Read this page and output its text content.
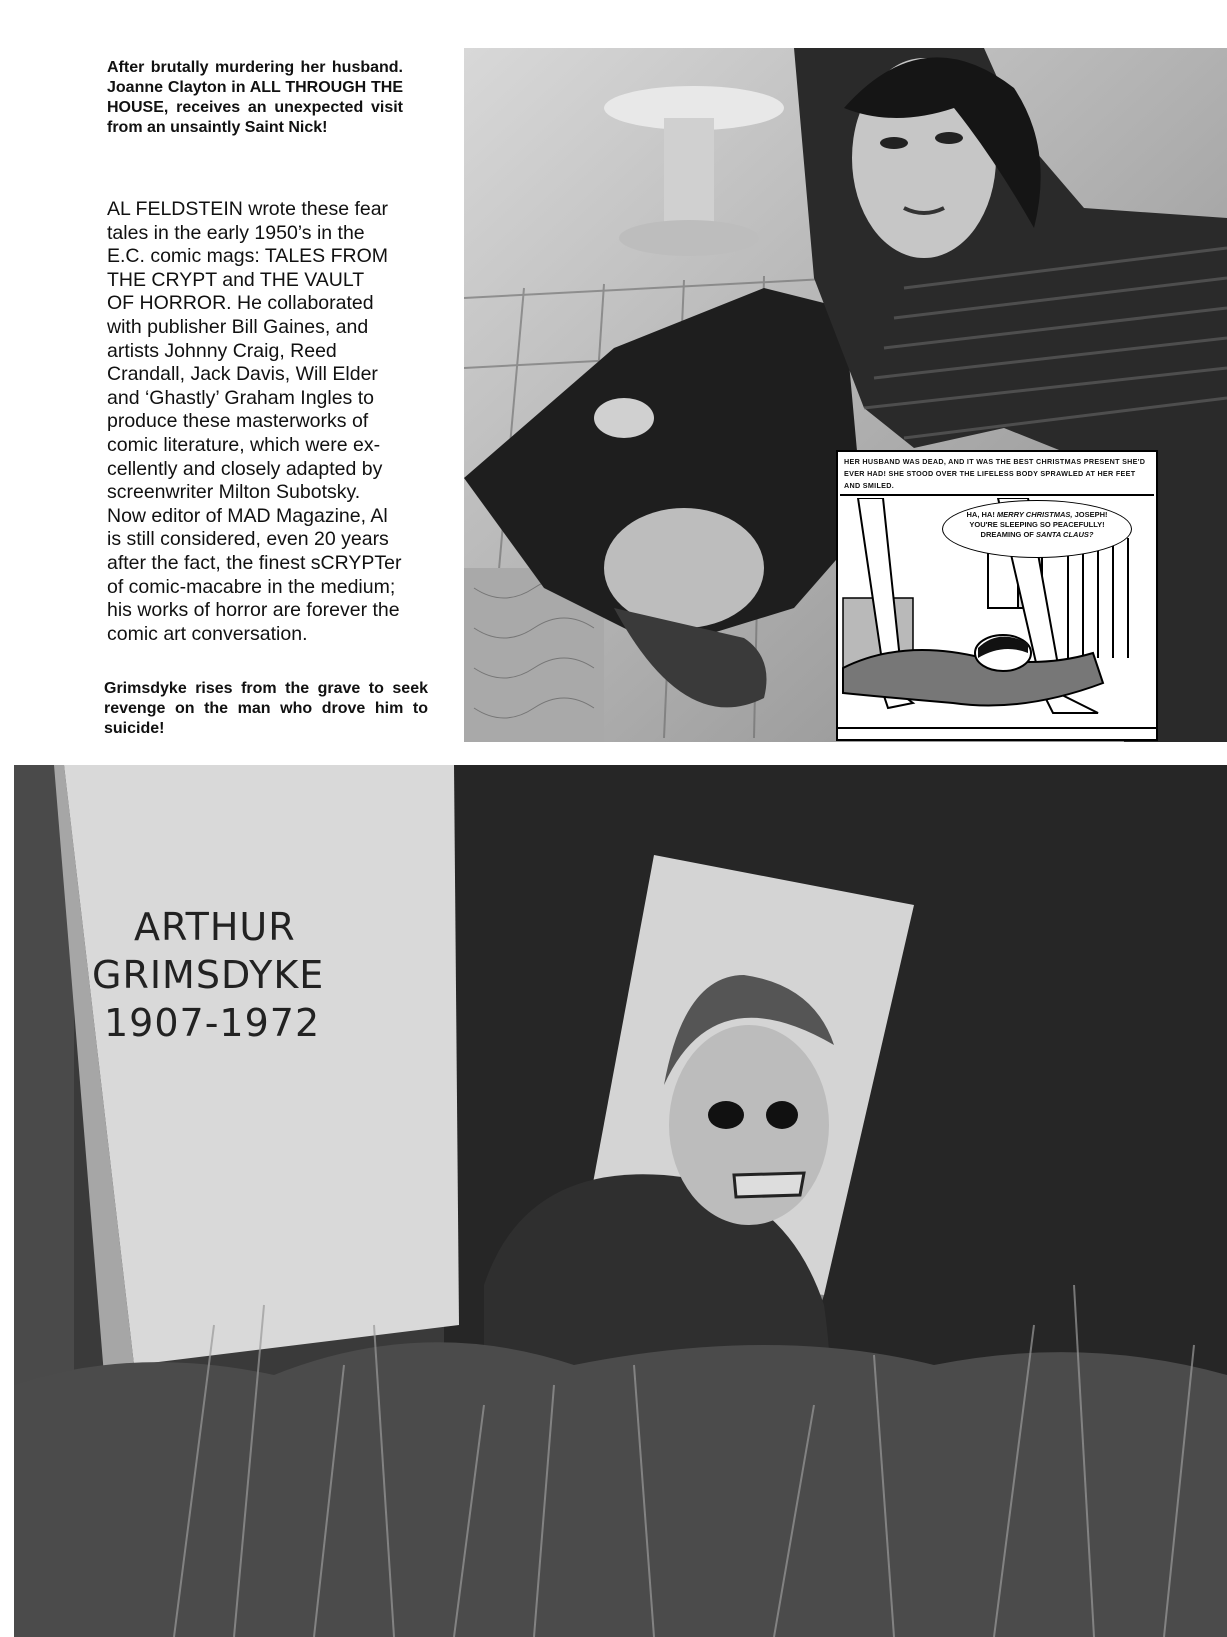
After brutally murdering her husband. Joanne Clayton in ALL THROUGH THE HOUSE, receives an unexpected visit from an unsaintly Saint Nick!
AL FELDSTEIN wrote these fear
tales in the early 1950’s in the
E.C. comic mags: TALES FROM
THE CRYPT and THE VAULT
OF HORROR. He collaborated
with publisher Bill Gaines, and
artists Johnny Craig, Reed
Crandall, Jack Davis, Will Elder
and ‘Ghastly’ Graham Ingles to
produce these masterworks of
comic literature, which were ex-
cellently and closely adapted by
screenwriter Milton Subotsky.
Now editor of MAD Magazine, Al
is still considered, even 20 years
after the fact, the finest sCRYPTer
of comic-macabre in the medium;
his works of horror are forever the
comic art conversation.
Grimsdyke rises from the grave to seek revenge on the man who drove him to suicide!
HER HUSBAND WAS DEAD, AND IT WAS THE BEST CHRISTMAS PRESENT SHE'D EVER HAD! SHE STOOD OVER THE LIFELESS BODY SPRAWLED AT HER FEET AND SMILED.
HA, HA! MERRY CHRISTMAS, JOSEPH! YOU'RE SLEEPING SO PEACEFULLY! DREAMING OF SANTA CLAUS?
ARTHUR
GRIMSDYKE
1907-1972
